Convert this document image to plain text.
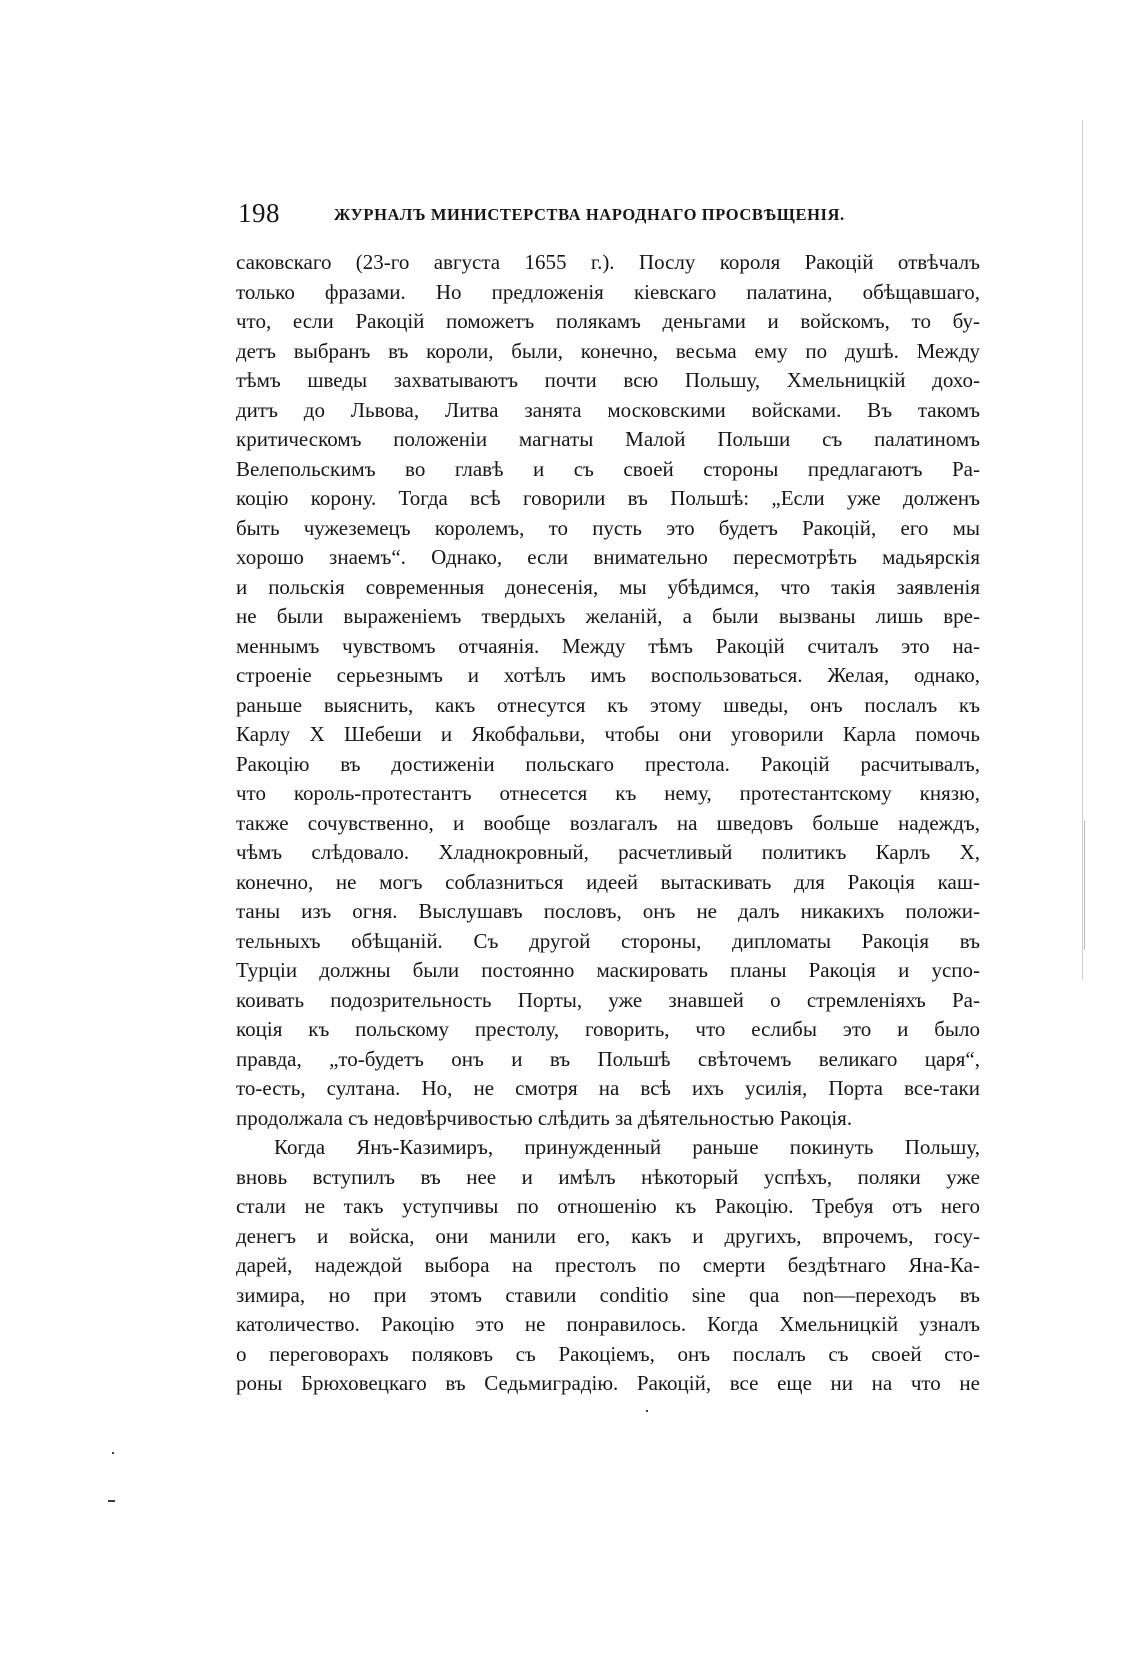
198	ЖУРНАЛЪ МИНИСТЕРСТВА НАРОДНАГО ПРОСВѢЩЕНІЯ.
саковскаго (23-го августа 1655 г.). Послу короля Ракоцій отвѣчалъ
только фразами. Но предложенія кіевскаго палатина, обѣщавшаго,
что, если Ракоцій поможетъ полякамъ деньгами и войскомъ, то бу-
детъ выбранъ въ короли, были, конечно, весьма ему по душѣ. Между
тѣмъ шведы захватываютъ почти всю Польшу, Хмельницкій дохо-
дитъ до Львова, Литва занята московскими войсками. Въ такомъ
критическомъ положеніи магнаты Малой Польши съ палатиномъ
Велепольскимъ во главѣ и съ своей стороны предлагаютъ Ра-
коцію корону. Тогда всѣ говорили въ Польшѣ: „Если уже долженъ
быть чужеземецъ королемъ, то пусть это будетъ Ракоцій, его мы
хорошо знаемъ“. Однако, если внимательно пересмотрѣть мадьярскія
и польскія современныя донесенія, мы убѣдимся, что такія заявленія
не были выраженіемъ твердыхъ желаній, а были вызваны лишь вре-
меннымъ чувствомъ отчаянія. Между тѣмъ Ракоцій считалъ это на-
строеніе серьезнымъ и хотѣлъ имъ воспользоваться. Желая, однако,
раньше выяснить, какъ отнесутся къ этому шведы, онъ послалъ къ
Карлу X Шебеши и Якобфальви, чтобы они уговорили Карла помочь
Ракоцію въ достиженіи польскаго престола. Ракоцій расчитывалъ,
что король-протестантъ отнесется къ нему, протестантскому князю,
также сочувственно, и вообще возлагалъ на шведовъ больше надеждъ,
чѣмъ слѣдовало. Хладнокровный, расчетливый политикъ Карлъ X,
конечно, не могъ соблазниться идеей вытаскивать для Ракоція каш-
таны изъ огня. Выслушавъ пословъ, онъ не далъ никакихъ положи-
тельныхъ обѣщаній. Съ другой стороны, дипломаты Ракоція въ
Турціи должны были постоянно маскировать планы Ракоція и успо-
коивать подозрительность Порты, уже знавшей о стремленіяхъ Ра-
коція къ польскому престолу, говорить, что еслибы это и было
правда, „то-будетъ онъ и въ Польшѣ свѣточемъ великаго царя“,
то-есть, султана. Но, не смотря на всѣ ихъ усилія, Порта все-таки
продолжала съ недовѣрчивостью слѣдить за дѣятельностью Ракоція.
Когда Янъ-Казимиръ, принужденный раньше покинуть Польшу,
вновь вступилъ въ нее и имѣлъ нѣкоторый успѣхъ, поляки уже
стали не такъ уступчивы по отношенію къ Ракоцію. Требуя отъ него
денегъ и войска, они манили его, какъ и другихъ, впрочемъ, госу-
дарей, надеждой выбора на престолъ по смерти бездѣтнаго Яна-Ка-
зимира, но при этомъ ставили conditio sine qua non—переходъ въ
католичество. Ракоцію это не понравилось. Когда Хмельницкій узналъ
о переговорахъ поляковъ съ Ракоціемъ, онъ послалъ съ своей сто-
роны Брюховецкаго въ Седьмиградію. Ракоцій, все еще ни на что не
